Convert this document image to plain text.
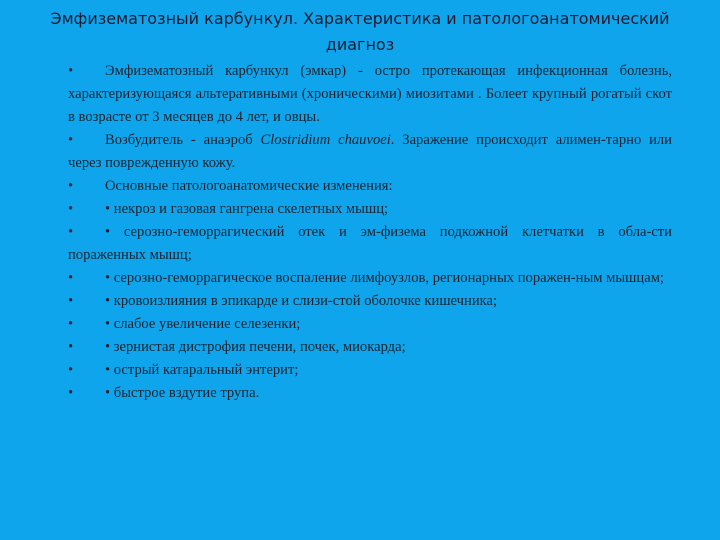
Эмфизематозный карбункул. Характеристика и патологоанатомический диагноз

• Эмфизематозный карбункул (эмкар) - остро протекающая инфекционная болезнь, характеризующаяся альтеративными (хроническими) миозитами . Болеет крупный рогатый скот в возрасте от 3 месяцев до 4 лет, и овцы.

• Возбудитель - анаэроб Clostridium chauvoei. Заражение происходит алимен-тарно или через поврежденную кожу.

• Основные патологоанатомические изменения:

• • некроз и газовая гангрена скелетных мышц;

• • серозно-геморрагический отек и эм-физема подкожной клетчатки в обла-сти пораженных мышц;

• • серозно-геморрагическое воспаление лимфоузлов, регионарных поражен-ным мышцам;

• • кровоизлияния в эпикарде и слизи-стой оболочке кишечника;

• • слабое увеличение селезенки;

• • зернистая дистрофия печени, почек, миокарда;

• • острый катаральный энтерит;

• • быстрое вздутие трупа.
